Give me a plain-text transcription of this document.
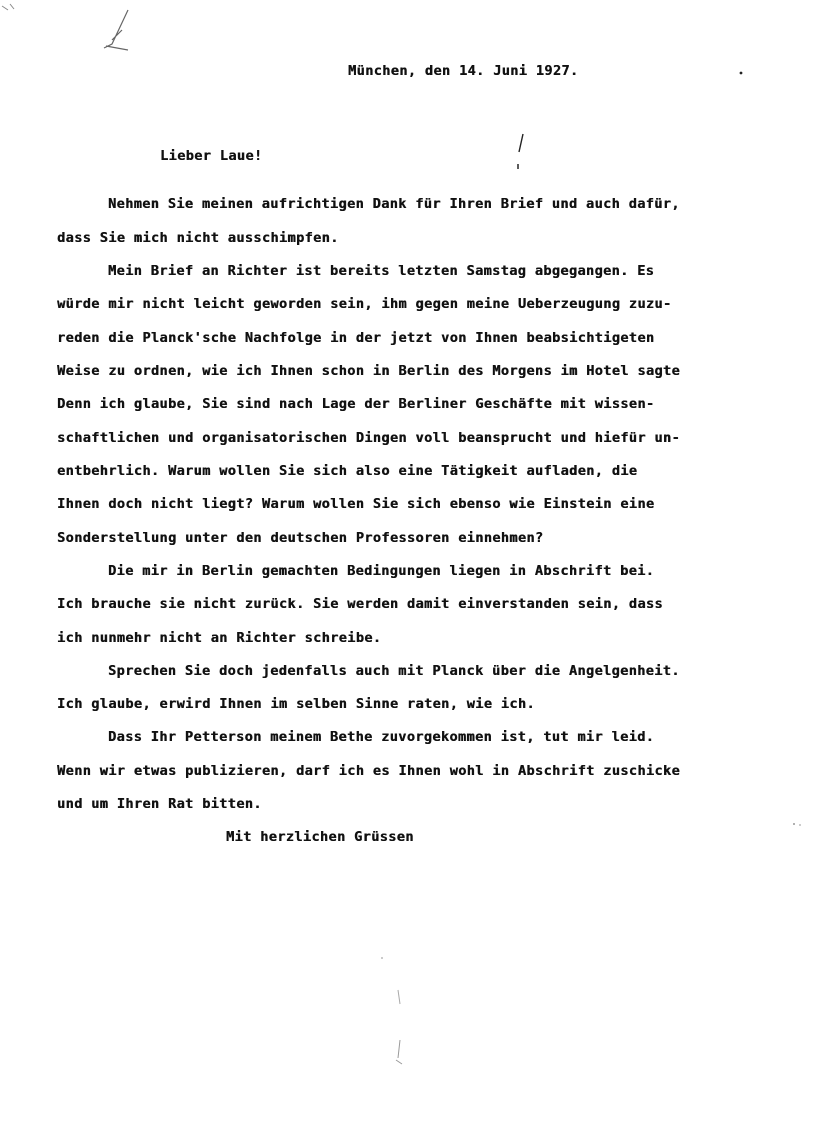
München, den 14. Juni 1927.
Lieber Laue!
Nehmen Sie meinen aufrichtigen Dank für Ihren Brief und auch dafür,
dass Sie mich nicht ausschimpfen.
Mein Brief an Richter ist bereits letzten Samstag abgegangen. Es
würde mir nicht leicht geworden sein, ihm gegen meine Ueberzeugung zuzu-
reden die Planck'sche Nachfolge in der jetzt von Ihnen beabsichtigeten
Weise zu ordnen, wie ich Ihnen schon in Berlin des Morgens im Hotel sagte
Denn ich glaube, Sie sind nach Lage der Berliner Geschäfte mit wissen-
schaftlichen und organisatorischen Dingen voll beansprucht und hiefür un-
entbehrlich. Warum wollen Sie sich also eine Tätigkeit aufladen, die
Ihnen doch nicht liegt? Warum wollen Sie sich ebenso wie Einstein eine
Sonderstellung unter den deutschen Professoren einnehmen?
Die mir in Berlin gemachten Bedingungen liegen in Abschrift bei.
Ich brauche sie nicht zurück. Sie werden damit einverstanden sein, dass
ich nunmehr nicht an Richter schreibe.
Sprechen Sie doch jedenfalls auch mit Planck über die Angelgenheit.
Ich glaube, erwird Ihnen im selben Sinne raten, wie ich.
Dass Ihr Petterson meinem Bethe zuvorgekommen ist, tut mir leid.
Wenn wir etwas publizieren, darf ich es Ihnen wohl in Abschrift zuschicke
und um Ihren Rat bitten.
Mit herzlichen Grüssen
